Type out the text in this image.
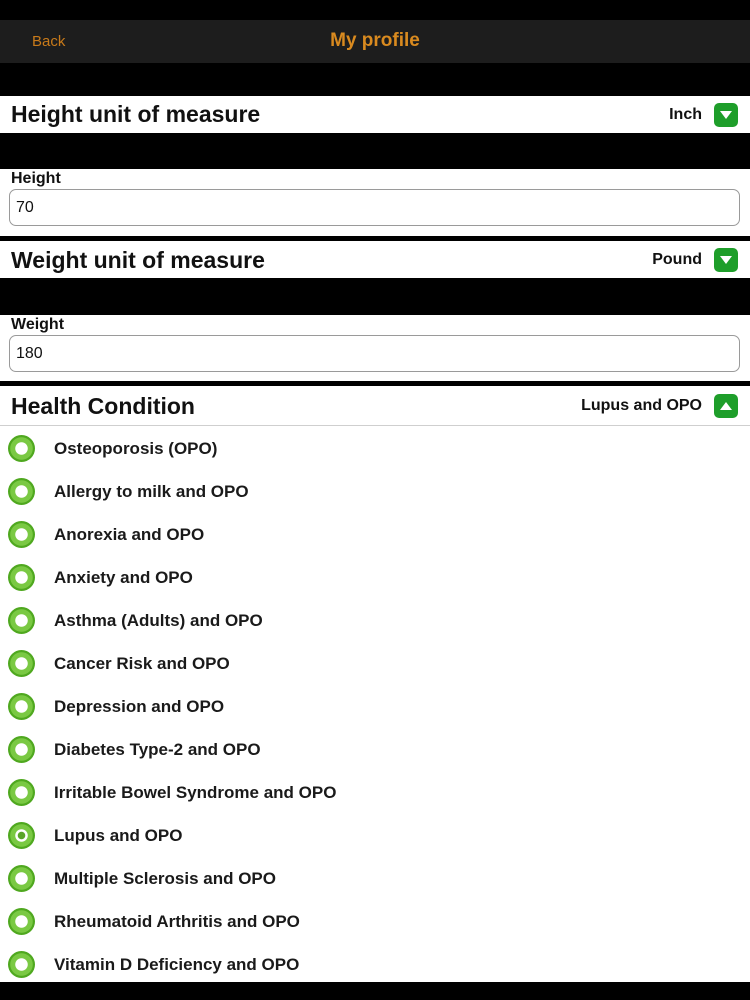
Back	My profile
Height unit of measure	Inch
Height
70
Weight unit of measure	Pound
Weight
180
Health Condition	Lupus and OPO
Osteoporosis (OPO)
Allergy to milk and OPO
Anorexia and OPO
Anxiety and OPO
Asthma (Adults) and OPO
Cancer Risk and OPO
Depression and OPO
Diabetes Type-2 and OPO
Irritable Bowel Syndrome and OPO
Lupus and OPO
Multiple Sclerosis and OPO
Rheumatoid Arthritis and OPO
Vitamin D Deficiency and OPO
